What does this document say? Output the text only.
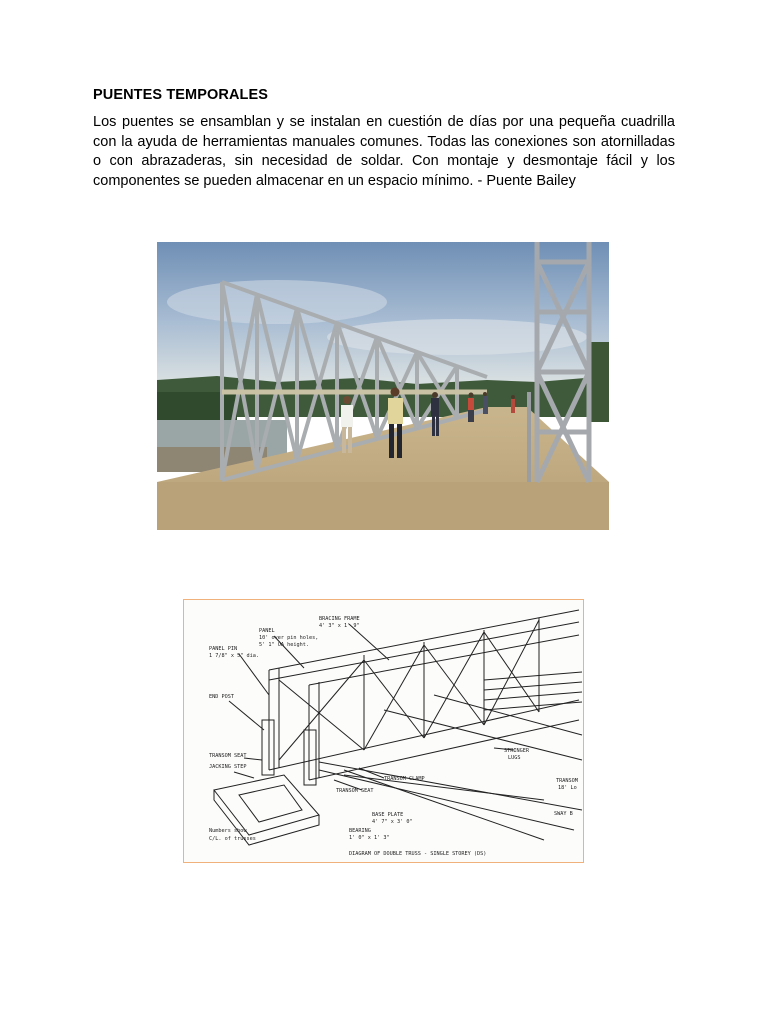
PUENTES TEMPORALES
Los puentes se ensamblan y se instalan en cuestión de días por una pequeña cuadrilla con la ayuda de herramientas manuales comunes. Todas las conexiones son atornilladas o con abrazaderas, sin necesidad de soldar. Con montaje y desmontaje fácil y los componentes se pueden almacenar en un espacio mínimo. - Puente Bailey
BRACING FRAME
4' 3" x 1' 9"
PANEL
10' over pin holes,
5' 1" OA height.
PANEL PIN
1 7/8" x 5" dia.
END POST
TRANSOM SEAT
JACKING STEP
TRANSOM CLAMP
TRANSOM SEAT
STRINGER
LUGS
TRANSOM
18' Lo
SWAY B
BASE PLATE
4' 7" x 3' 0"
BEARING
1' 0" x 1' 3"
Numbers show
C/L. of trusses
DIAGRAM OF DOUBLE TRUSS - SINGLE STOREY (DS)
